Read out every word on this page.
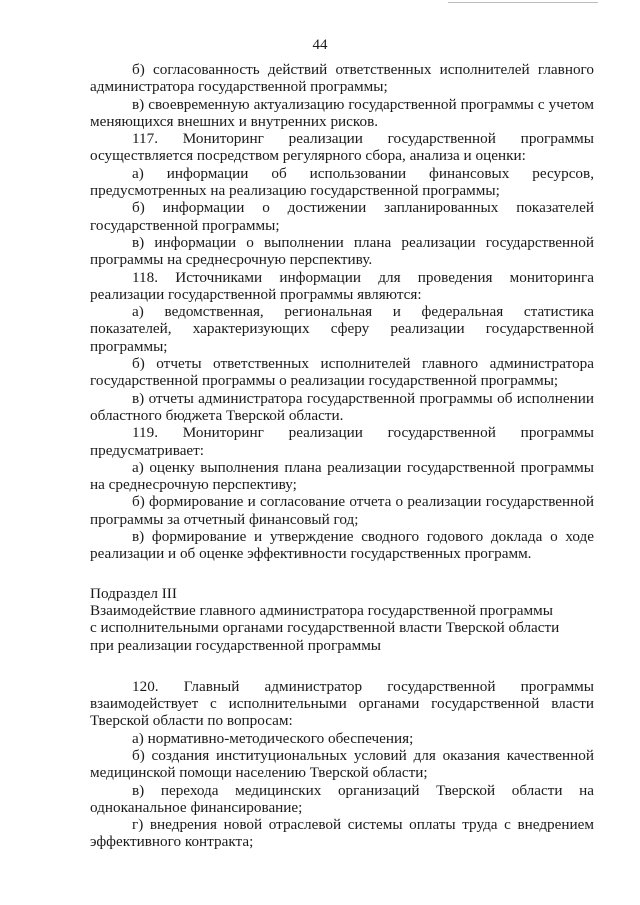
44

б) согласованность действий ответственных исполнителей главного администратора государственной программы;

в) своевременную актуализацию государственной программы с учетом меняющихся внешних и внутренних рисков.

117. Мониторинг реализации государственной программы осуществляется посредством регулярного сбора, анализа и оценки:

а) информации об использовании финансовых ресурсов, предусмотренных на реализацию государственной программы;

б) информации о достижении запланированных показателей государственной программы;

в) информации о выполнении плана реализации государственной программы на среднесрочную перспективу.

118. Источниками информации для проведения мониторинга реализации государственной программы являются:

а) ведомственная, региональная и федеральная статистика показателей, характеризующих сферу реализации государственной программы;

б) отчеты ответственных исполнителей главного администратора государственной программы о реализации государственной программы;

в) отчеты администратора государственной программы об исполнении областного бюджета Тверской области.

119. Мониторинг реализации государственной программы предусматривает:

а) оценку выполнения плана реализации государственной программы на среднесрочную перспективу;

б) формирование и согласование отчета о реализации государственной программы за отчетный финансовый год;

в) формирование и утверждение сводного годового доклада о ходе реализации и об оценке эффективности государственных программ.

Подраздел III

Взаимодействие главного администратора государственной программы
с исполнительными органами государственной власти Тверской области
при реализации государственной программы

120. Главный администратор государственной программы взаимодействует с исполнительными органами государственной власти Тверской области по вопросам:

а) нормативно-методического обеспечения;

б) создания институциональных условий для оказания качественной медицинской помощи населению Тверской области;

в) перехода медицинских организаций Тверской области на одноканальное финансирование;

г) внедрения новой отраслевой системы оплаты труда с внедрением эффективного контракта;
